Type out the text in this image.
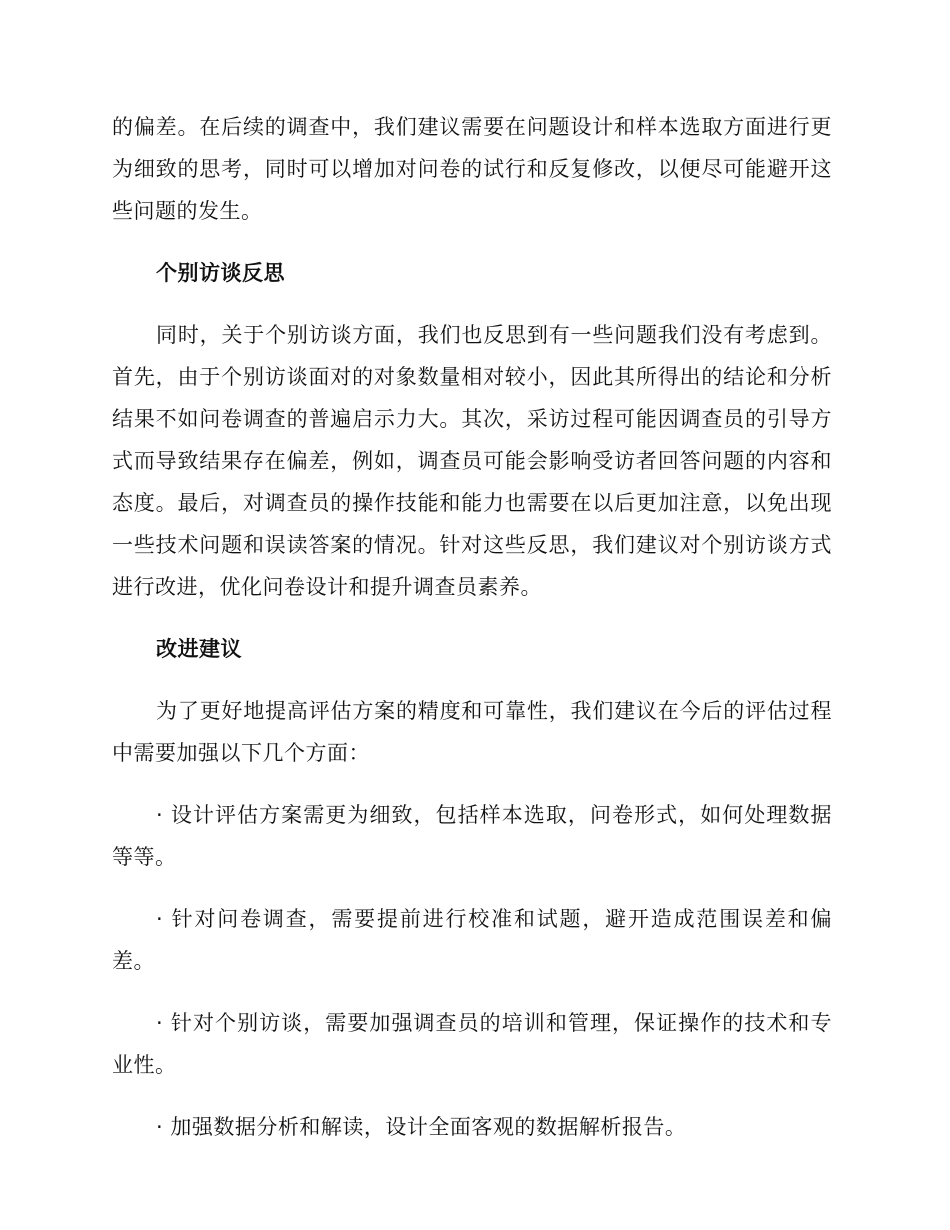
的偏差。在后续的调查中，我们建议需要在问题设计和样本选取方面进行更为细致的思考，同时可以增加对问卷的试行和反复修改，以便尽可能避开这些问题的发生。

个别访谈反思

同时，关于个别访谈方面，我们也反思到有一些问题我们没有考虑到。首先，由于个别访谈面对的对象数量相对较小，因此其所得出的结论和分析结果不如问卷调查的普遍启示力大。其次，采访过程可能因调查员的引导方式而导致结果存在偏差，例如，调查员可能会影响受访者回答问题的内容和态度。最后，对调查员的操作技能和能力也需要在以后更加注意，以免出现一些技术问题和误读答案的情况。针对这些反思，我们建议对个别访谈方式进行改进，优化问卷设计和提升调查员素养。

改进建议

为了更好地提高评估方案的精度和可靠性，我们建议在今后的评估过程中需要加强以下几个方面：

· 设计评估方案需更为细致，包括样本选取，问卷形式，如何处理数据等等。

· 针对问卷调查，需要提前进行校准和试题，避开造成范围误差和偏差。

· 针对个别访谈，需要加强调查员的培训和管理，保证操作的技术和专业性。

· 加强数据分析和解读，设计全面客观的数据解析报告。
